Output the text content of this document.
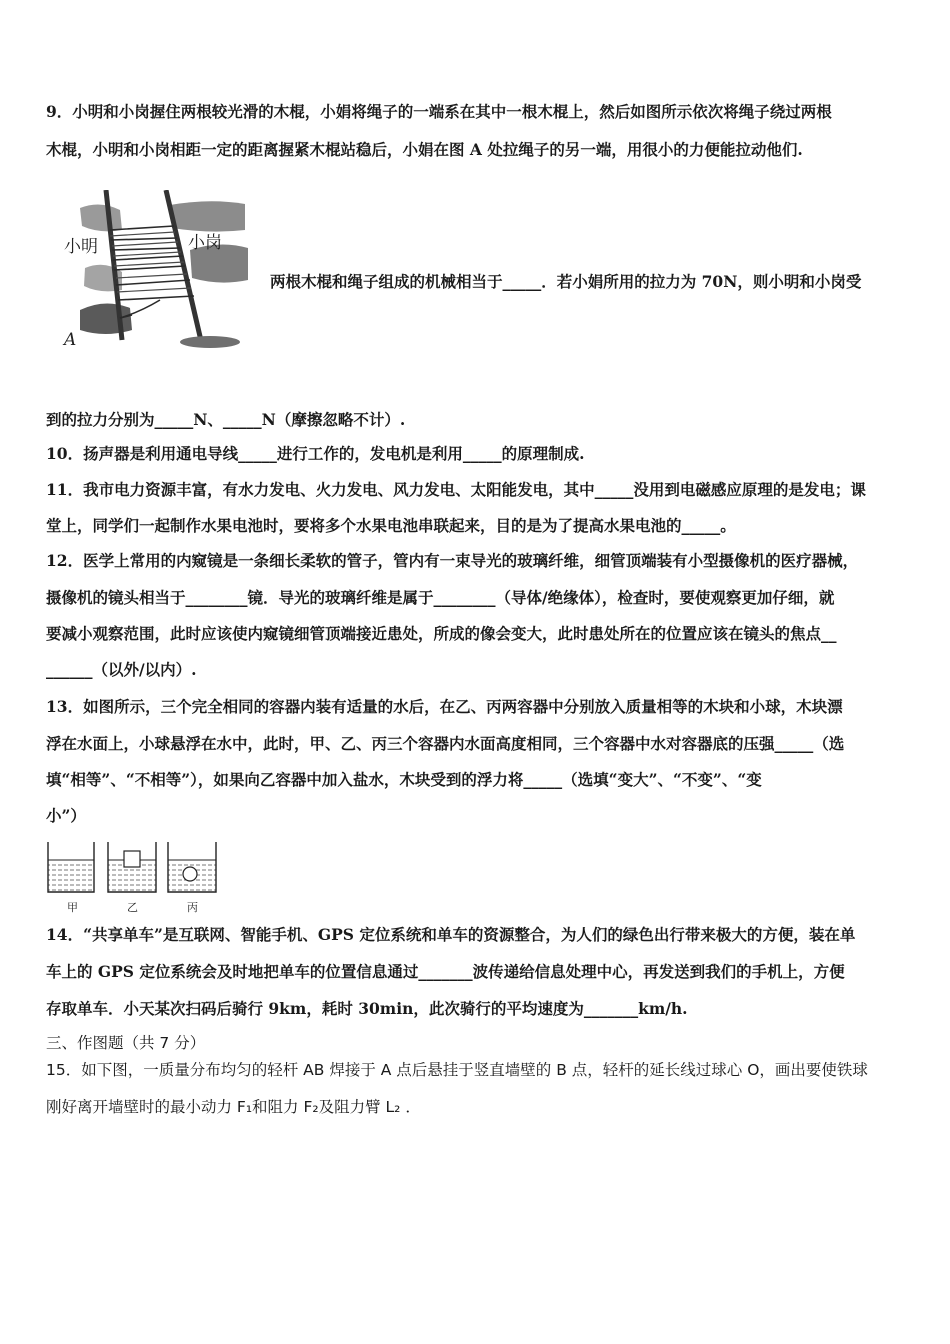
9．小明和小岗握住两根较光滑的木棍，小娟将绳子的一端系在其中一根木棍上，然后如图所示依次将绳子绕过两根
木棍，小明和小岗相距一定的距离握紧木棍站稳后，小娟在图 A 处拉绳子的另一端，用很小的力便能拉动他们.
小明	小岗
A
两根木棍和绳子组成的机械相当于_____．若小娟所用的拉力为 70N，则小明和小岗受
到的拉力分别为_____N、_____N（摩擦忽略不计）.
10．扬声器是利用通电导线_____进行工作的，发电机是利用_____的原理制成.
11．我市电力资源丰富，有水力发电、火力发电、风力发电、太阳能发电，其中_____没用到电磁感应原理的是发电；课
堂上，同学们一起制作水果电池时，要将多个水果电池串联起来，目的是为了提高水果电池的_____。
12．医学上常用的内窥镜是一条细长柔软的管子，管内有一束导光的玻璃纤维，细管顶端装有小型摄像机的医疗器械，
摄像机的镜头相当于________镜．导光的玻璃纤维是属于________（导体/绝缘体），检查时，要使观察更加仔细，就
要减小观察范围，此时应该使内窥镜细管顶端接近患处，所成的像会变大，此时患处所在的位置应该在镜头的焦点__
______（以外/以内）.
13．如图所示，三个完全相同的容器内装有适量的水后，在乙、丙两容器中分别放入质量相等的木块和小球，木块漂
浮在水面上，小球悬浮在水中，此时，甲、乙、丙三个容器内水面高度相同，三个容器中水对容器底的压强_____（选
填“相等”、“不相等”），如果向乙容器中加入盐水，木块受到的浮力将_____（选填“变大”、“不变”、“变
小”）
甲	乙	丙
14．“共享单车”是互联网、智能手机、GPS 定位系统和单车的资源整合，为人们的绿色出行带来极大的方便，装在单
车上的 GPS 定位系统会及时地把单车的位置信息通过_______波传递给信息处理中心，再发送到我们的手机上，方便
存取单车．小天某次扫码后骑行 9km，耗时 30min，此次骑行的平均速度为_______km/h.
三、作图题（共 7 分）
15．如下图，一质量分布均匀的轻杆 AB 焊接于 A 点后悬挂于竖直墙壁的 B 点，轻杆的延长线过球心 O，画出要使铁球
刚好离开墙壁时的最小动力 F₁和阻力 F₂及阻力臂 L₂ ．
